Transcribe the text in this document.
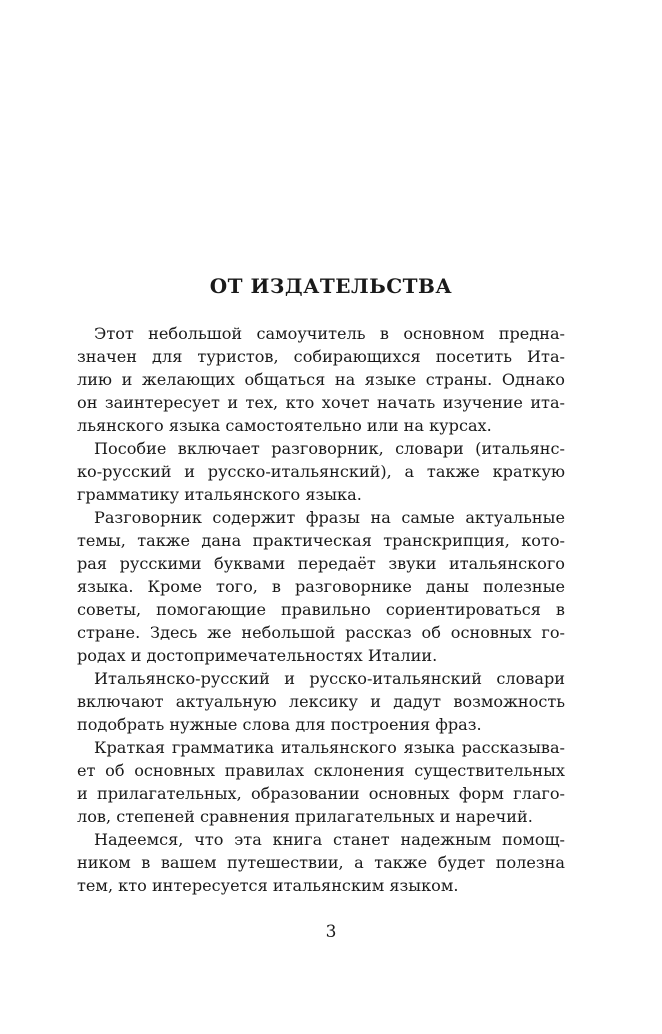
ОТ ИЗДАТЕЛЬСТВА
Этот небольшой самоучитель в основном предна-
значен для туристов, собирающихся посетить Ита-
лию и желающих общаться на языке страны. Однако
он заинтересует и тех, кто хочет начать изучение ита-
льянского языка самостоятельно или на курсах.
Пособие включает разговорник, словари (итальянс-
ко-русский и русско-итальянский), а также краткую
грамматику итальянского языка.
Разговорник содержит фразы на самые актуальные
темы, также дана практическая транскрипция, кото-
рая русскими буквами передаёт звуки итальянского
языка. Кроме того, в разговорнике даны полезные
советы, помогающие правильно сориентироваться в
стране. Здесь же небольшой рассказ об основных го-
родах и достопримечательностях Италии.
Итальянско-русский и русско-итальянский словари
включают актуальную лексику и дадут возможность
подобрать нужные слова для построения фраз.
Краткая грамматика итальянского языка рассказыва-
ет об основных правилах склонения существительных
и прилагательных, образовании основных форм глаго-
лов, степеней сравнения прилагательных и наречий.
Надеемся, что эта книга станет надежным помощ-
ником в вашем путешествии, а также будет полезна
тем, кто интересуется итальянским языком.
3
